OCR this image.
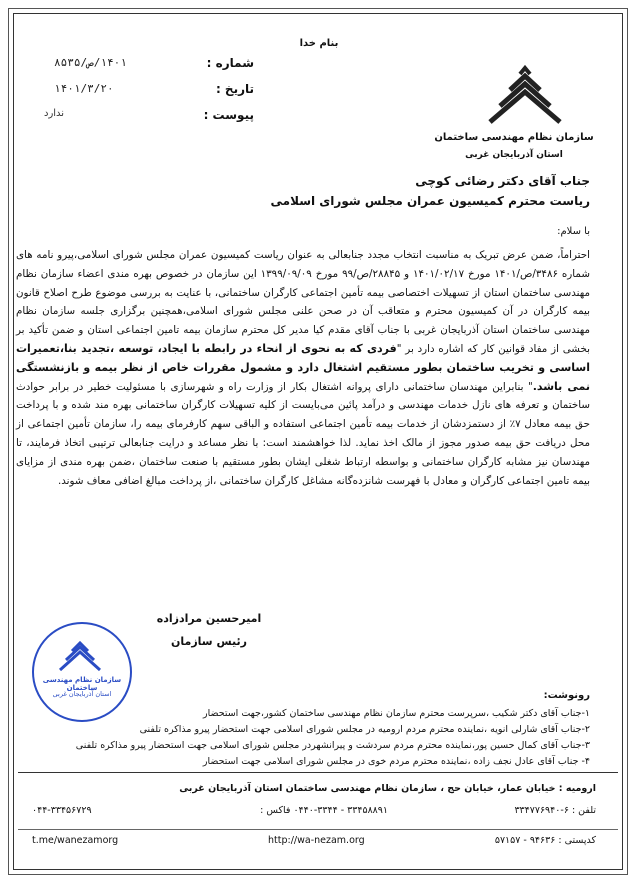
بنام خدا
سازمان نظام مهندسی ساختمان
استان آذربایجان غربی
شماره :
۱۴۰۱/ص/۸۵۳۵
تاریخ :
۱۴۰۱/۳/۲۰
پیوست :
ندارد
جناب آقای دکتر رضائی کوچی
ریاست محترم کمیسیون عمران مجلس شورای اسلامی
با سلام:
احتراماً، ضمن عرض تبریک به مناسبت انتخاب مجدد جنابعالی به عنوان ریاست کمیسیون عمران مجلس شورای اسلامی،پیرو نامه های شماره ۳۴۸۶/ص/۱۴۰۱ مورخ ۱۴۰۱/۰۲/۱۷ و ۲۸۸۴۵/ص/۹۹ مورخ ۱۳۹۹/۰۹/۰۹ این سازمان در خصوص بهره مندی اعضاء سازمان نظام مهندسی ساختمان استان از تسهیلات اختصاصی بیمه تأمین اجتماعی کارگران ساختمانی، با عنایت به بررسی موضوع طرح اصلاح قانون بیمه کارگران در آن کمیسیون محترم و متعاقب آن در صحن علنی مجلس شورای اسلامی،همچنین برگزاری جلسه سازمان نظام مهندسی ساختمان استان آذربایجان غربی با جناب آقای مقدم کیا مدیر کل محترم سازمان بیمه تامین اجتماعی استان و ضمن تأکید بر بخشی از مفاد قوانین کار که اشاره دارد بر "فردی که به نحوی از انحاء در رابطه با ایجاد، توسعه ،تجدید بنا،تعمیرات اساسی و تخریب ساختمان بطور مستقیم اشتغال دارد و مشمول مقررات خاص از نظر بیمه و بازنشستگی نمی باشد." بنابراین مهندسان ساختمانی دارای پروانه اشتغال بکار از وزارت راه و شهرسازی با مسئولیت خطیر در برابر حوادث ساختمان و تعرفه های نازل خدمات مهندسی و درآمد پائین می‌بایست از کلیه تسهیلات کارگران ساختمانی بهره مند شده و با پرداخت حق بیمه معادل ۷٪ از دستمزدشان از خدمات بیمه تأمین اجتماعی استفاده و الباقی سهم کارفرمای بیمه را، سازمان تأمین اجتماعی از محل دریافت حق بیمه صدور مجوز از مالک اخذ نماید. لذا خواهشمند است: با نظر مساعد و درایت جنابعالی ترتیبی اتخاذ فرمایند، تا مهندسان نیز مشابه کارگران ساختمانی و بواسطه ارتباط شغلی ایشان بطور مستقیم با صنعت ساختمان ،ضمن بهره مندی از مزایای بیمه تامین اجتماعی کارگران و معادل با فهرست شانزده‌گانه مشاغل کارگران ساختمانی ،از پرداخت مبالغ اضافی معاف شوند.
امیرحسین مرادزاده
رئیس سازمان
سازمان نظام مهندسی ساختمان
استان آذربایجان غربی	رونوشت:
۱-جناب آقای دکتر شکیب ،سرپرست محترم سازمان نظام مهندسی ساختمان کشور،جهت استحضار
۲-جناب آقای شارلی انویه ،نماینده محترم مردم ارومیه در مجلس شورای اسلامی جهت استحضار پیرو مذاکره تلفنی
۳-جناب آقای کمال حسین پور،نماینده محترم مردم سردشت و پیرانشهردر مجلس شورای اسلامی جهت استحضار پیرو مذاکره تلفنی
۴- جناب آقای عادل نجف زاده ،نماینده محترم مردم خوی در مجلس شورای اسلامی جهت استحضار
ارومیه : خیابان عمار، خیابان حج ، سازمان نظام مهندسی ساختمان استان آذربایجان غربی
تلفن : ۶-۳۳۴۷۷۶۹۴۰
۳۳۴۵۸۸۹۱ - ۰۴۴۰-۳۳۴۴ فاکس :
۰۴۴-۳۳۴۵۶۷۲۹
کدپستی : ۹۴۶۳۶ - ۵۷۱۵۷
http://wa-nezam.org
t.me/wanezamorg
